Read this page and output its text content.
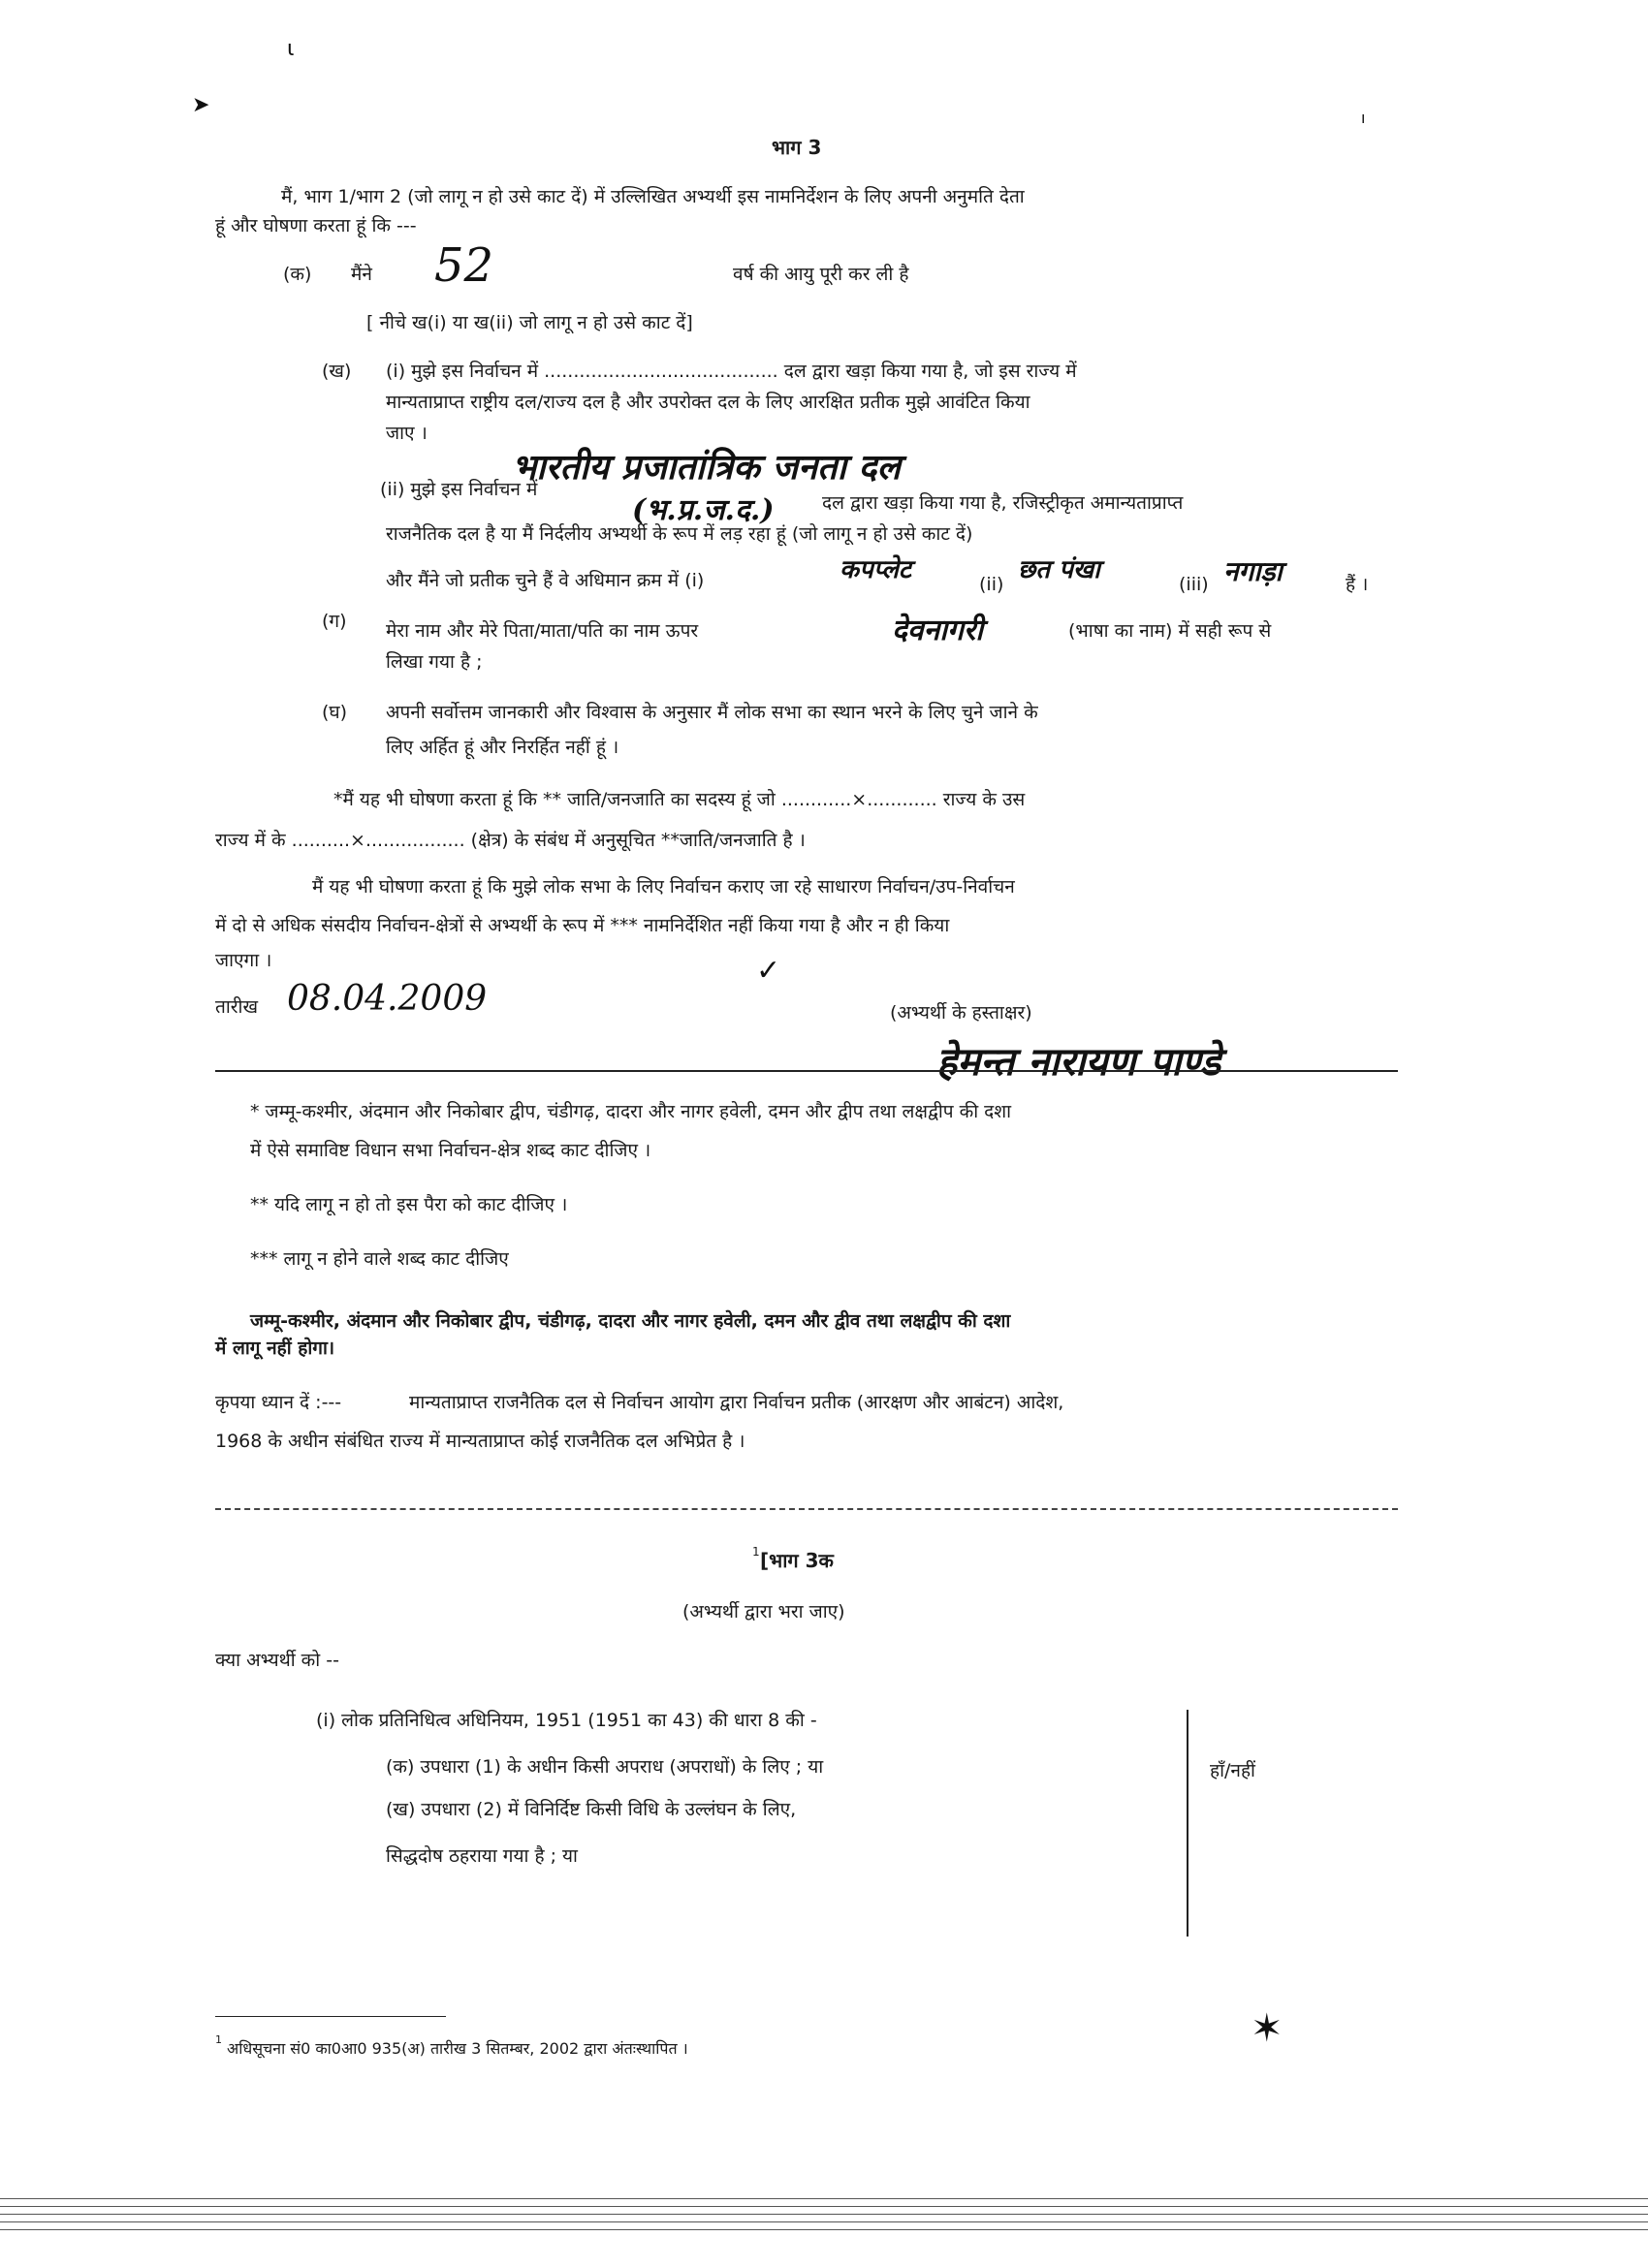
ɩ
➤
ı
भाग 3
मैं, भाग 1/भाग 2 (जो लागू न हो उसे काट दें) में उल्लिखित अभ्यर्थी इस नामनिर्देशन के लिए अपनी अनुमति देता
हूं और घोषणा करता हूं कि ---
(क) मैंने 52	वर्ष की आयु पूरी कर ली है
[ नीचे ख(i) या ख(ii) जो लागू न हो उसे काट दें]
(ख) (i) मुझे इस निर्वाचन में ........................................ दल द्वारा खड़ा किया गया है, जो इस राज्य में
मान्यताप्राप्त राष्ट्रीय दल/राज्य दल है और उपरोक्त दल के लिए आरक्षित प्रतीक मुझे आवंटित किया
जाए ।
भारतीय प्रजातांत्रिक जनता दल
(ii) मुझे इस निर्वाचन में
(भ.प्र.ज.द.)	दल द्वारा खड़ा किया गया है, रजिस्ट्रीकृत अमान्यताप्राप्त
राजनैतिक दल है या मैं निर्दलीय अभ्यर्थी के रूप में लड़ रहा हूं (जो लागू न हो उसे काट दें)
और मैंने जो प्रतीक चुने हैं वे अधिमान क्रम में (i)	कपप्लेट	(ii) छत पंखा	(iii) नगाड़ा	हैं ।
(ग) मेरा नाम और मेरे पिता/माता/पति का नाम ऊपर	देवनागरी	(भाषा का नाम) में सही रूप से
लिखा गया है ;
(घ) अपनी सर्वोत्तम जानकारी और विश्वास के अनुसार मैं लोक सभा का स्थान भरने के लिए चुने जाने के
लिए अर्हित हूं और निरर्हित नहीं हूं ।
*मैं यह भी घोषणा करता हूं कि ** जाति/जनजाति का सदस्य हूं जो ............×............ राज्य के उस
राज्य में के ..........×................. (क्षेत्र) के संबंध में अनुसूचित **जाति/जनजाति है ।
मैं यह भी घोषणा करता हूं कि मुझे लोक सभा के लिए निर्वाचन कराए जा रहे साधारण निर्वाचन/उप-निर्वाचन
में दो से अधिक संसदीय निर्वाचन-क्षेत्रों से अभ्यर्थी के रूप में *** नामनिर्देशित नहीं किया गया है और न ही किया
जाएगा ।	✓
तारीख 08.04.2009	(अभ्यर्थी के हस्ताक्षर)
हेमन्त नारायण पाण्डे
* जम्मू-कश्मीर, अंदमान और निकोबार द्वीप, चंडीगढ़, दादरा और नागर हवेली, दमन और द्वीप तथा लक्षद्वीप की दशा
में ऐसे समाविष्ट विधान सभा निर्वाचन-क्षेत्र शब्द काट दीजिए ।
** यदि लागू न हो तो इस पैरा को काट दीजिए ।
*** लागू न होने वाले शब्द काट दीजिए
जम्मू-कश्मीर, अंदमान और निकोबार द्वीप, चंडीगढ़, दादरा और नागर हवेली, दमन और द्वीव तथा लक्षद्वीप की दशा
में लागू नहीं होगा।
कृपया ध्यान दें :---	मान्यताप्राप्त राजनैतिक दल से निर्वाचन आयोग द्वारा निर्वाचन प्रतीक (आरक्षण और आबंटन) आदेश,
1968 के अधीन संबंधित राज्य में मान्यताप्राप्त कोई राजनैतिक दल अभिप्रेत है ।
1 [भाग 3क
(अभ्यर्थी द्वारा भरा जाए)
क्या अभ्यर्थी को --
(i) लोक प्रतिनिधित्व अधिनियम, 1951 (1951 का 43) की धारा 8 की -
(क) उपधारा (1) के अधीन किसी अपराध (अपराधों) के लिए ; या
(ख) उपधारा (2) में विनिर्दिष्ट किसी विधि के उल्लंघन के लिए,
सिद्धदोष ठहराया गया है ; या
हाँ/नहीं
1 अधिसूचना सं0 का0आ0 935(अ) तारीख 3 सितम्बर, 2002 द्वारा अंतःस्थापित ।	✶
